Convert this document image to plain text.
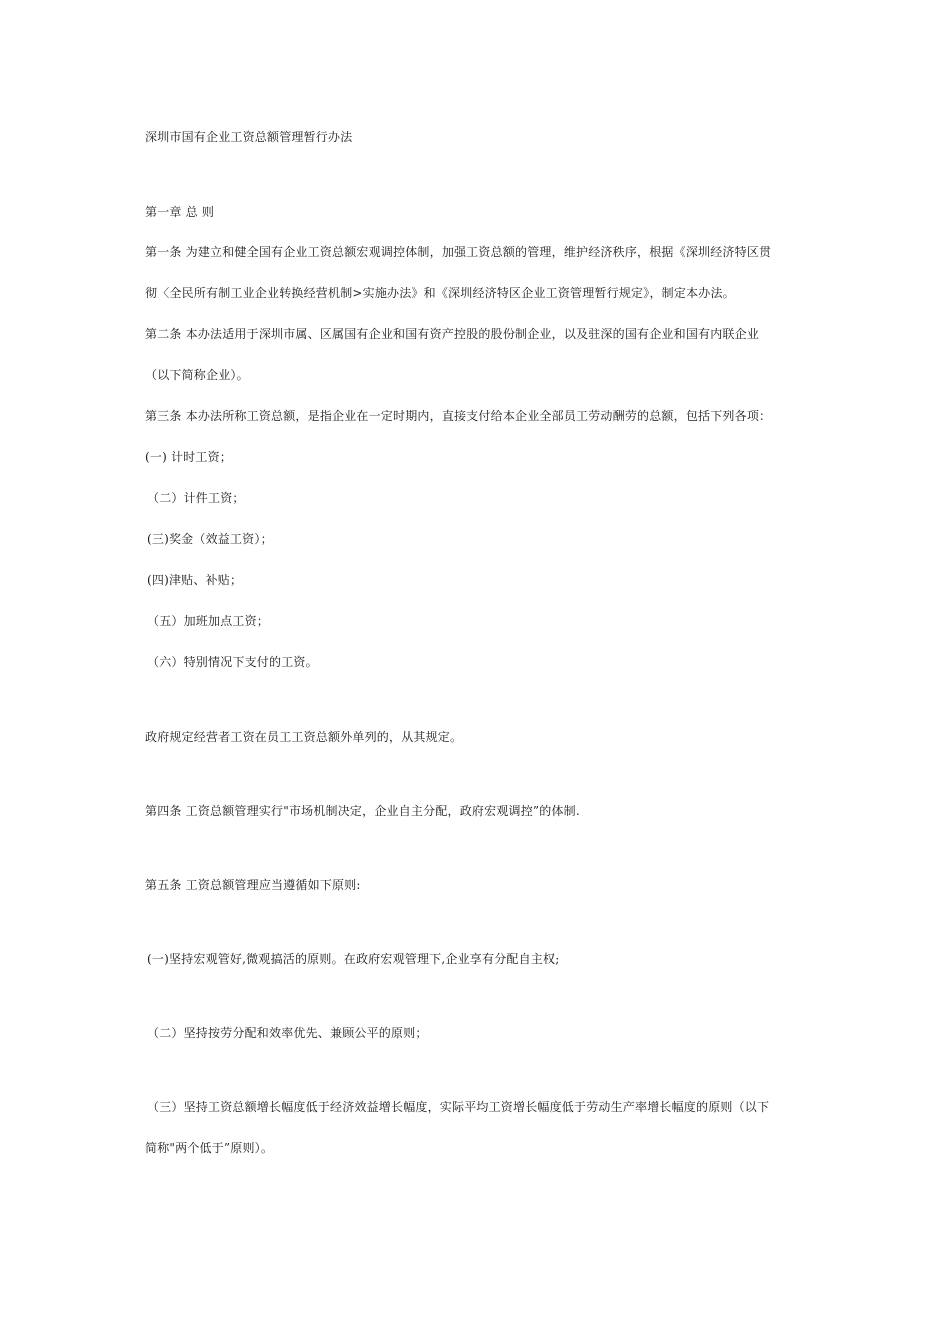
深圳市国有企业工资总额管理暂行办法
第一章 总 则
第一条 为建立和健全国有企业工资总额宏观调控体制，加强工资总额的管理，维护经济秩序，根据《深圳经济特区贯
彻〈全民所有制工业企业转换经营机制>实施办法》和《深圳经济特区企业工资管理暂行规定》，制定本办法。
第二条 本办法适用于深圳市属、区属国有企业和国有资产控股的股份制企业，以及驻深的国有企业和国有内联企业
（以下简称企业）。
第三条 本办法所称工资总额，是指企业在一定时期内，直接支付给本企业全部员工劳动酬劳的总额，包括下列各项：
(一) 计时工资；
（二）计件工资；
(三)奖金（效益工资）；
(四)津贴、补贴；
（五）加班加点工资；
（六）特别情况下支付的工资。
政府规定经营者工资在员工工资总额外单列的，从其规定。
第四条 工资总额管理实行"市场机制决定，企业自主分配，政府宏观调控”的体制.
第五条 工资总额管理应当遵循如下原则:
(一)坚持宏观管好,微观搞活的原则。在政府宏观管理下,企业享有分配自主权;
（二）坚持按劳分配和效率优先、兼顾公平的原则；
（三）坚持工资总额增长幅度低于经济效益增长幅度，实际平均工资增长幅度低于劳动生产率增长幅度的原则（以下
简称"两个低于”原则）。
